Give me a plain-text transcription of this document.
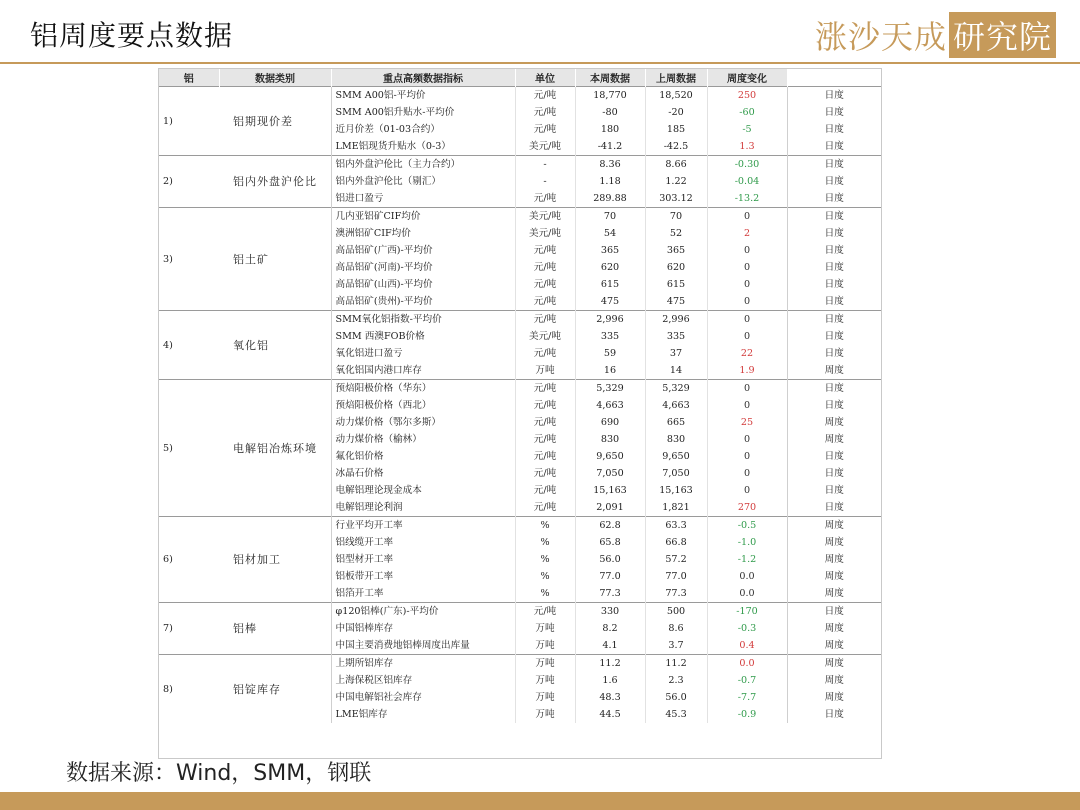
铝周度要点数据	涨沙天成 研究院
铝	数据类别	重点高频数据指标	单位	本周数据	上周数据	周度变化	
1)	铝期现价差	SMM A00铝-平均价	元/吨	18,770	18,520	250	日度
		SMM A00铝升贴水-平均价	元/吨	-80	-20	-60	日度
		近月价差（01-03合约）	元/吨	180	185	-5	日度
		LME铝现货升贴水（0-3）	美元/吨	-41.2	-42.5	1.3	日度
2)	铝内外盘沪伦比	铝内外盘沪伦比（主力合约）	-	8.36	8.66	-0.30	日度
		铝内外盘沪伦比（剔汇）	-	1.18	1.22	-0.04	日度
		铝进口盈亏	元/吨	289.88	303.12	-13.2	日度
3)	铝土矿	几内亚铝矿CIF均价	美元/吨	70	70	0	日度
		澳洲铝矿CIF均价	美元/吨	54	52	2	日度
		高品铝矿(广西)-平均价	元/吨	365	365	0	日度
		高品铝矿(河南)-平均价	元/吨	620	620	0	日度
		高品铝矿(山西)-平均价	元/吨	615	615	0	日度
		高品铝矿(贵州)-平均价	元/吨	475	475	0	日度
4)	氧化铝	SMM氧化铝指数-平均价	元/吨	2,996	2,996	0	日度
		SMM 西澳FOB价格	美元/吨	335	335	0	日度
		氧化铝进口盈亏	元/吨	59	37	22	日度
		氧化铝国内港口库存	万吨	16	14	1.9	周度
5)	电解铝冶炼环境	预焙阳极价格（华东）	元/吨	5,329	5,329	0	日度
		预焙阳极价格（西北）	元/吨	4,663	4,663	0	日度
		动力煤价格（鄂尔多斯）	元/吨	690	665	25	周度
		动力煤价格（榆林）	元/吨	830	830	0	周度
		氟化铝价格	元/吨	9,650	9,650	0	日度
		冰晶石价格	元/吨	7,050	7,050	0	日度
		电解铝理论现金成本	元/吨	15,163	15,163	0	日度
		电解铝理论利润	元/吨	2,091	1,821	270	日度
6)	铝材加工	行业平均开工率	%	62.8	63.3	-0.5	周度
		铝线缆开工率	%	65.8	66.8	-1.0	周度
		铝型材开工率	%	56.0	57.2	-1.2	周度
		铝板带开工率	%	77.0	77.0	0.0	周度
		铝箔开工率	%	77.3	77.3	0.0	周度
7)	铝棒	φ120铝棒(广东)-平均价	元/吨	330	500	-170	日度
		中国铝棒库存	万吨	8.2	8.6	-0.3	周度
		中国主要消费地铝棒周度出库量	万吨	4.1	3.7	0.4	周度
8)	铝锭库存	上期所铝库存	万吨	11.2	11.2	0.0	周度
		上海保税区铝库存	万吨	1.6	2.3	-0.7	周度
		中国电解铝社会库存	万吨	48.3	56.0	-7.7	周度
		LME铝库存	万吨	44.5	45.3	-0.9	日度
数据来源：Wind，SMM，钢联
